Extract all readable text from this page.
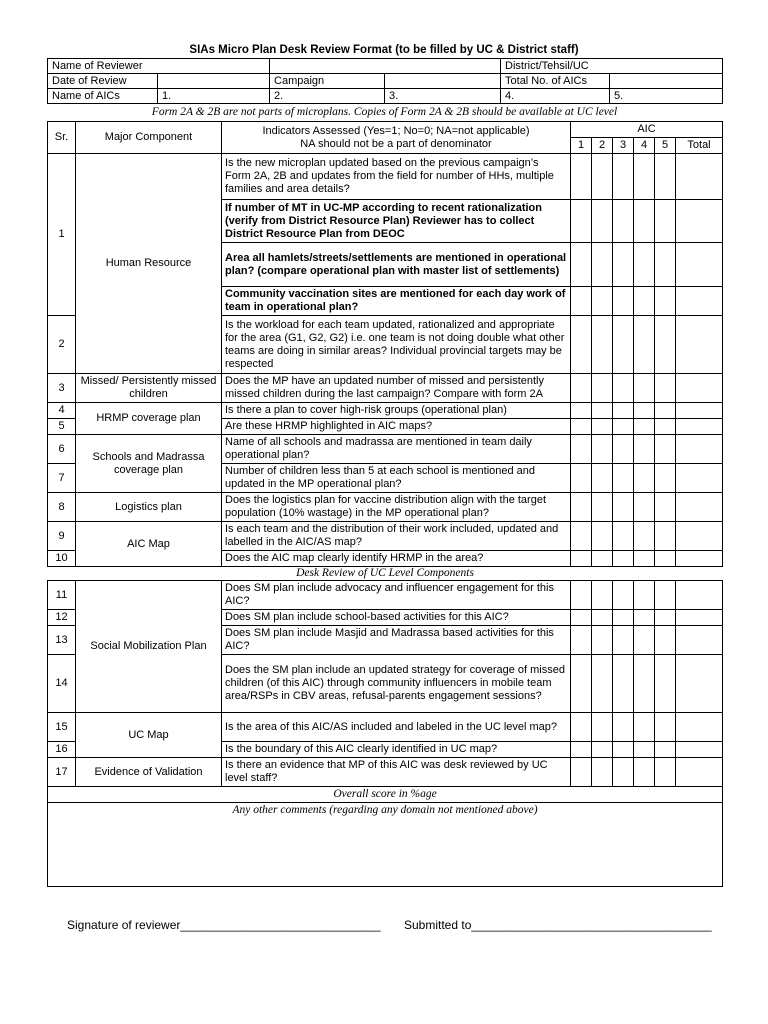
SIAs Micro Plan Desk Review Format (to be filled by UC & District staff)
Name of Reviewer				District/Tehsil/UC	
Date of Review		Campaign		Total No. of AICs	
Name of AICs	1.	2.	3.	4.	5.
Form 2A & 2B are not parts of microplans. Copies of Form 2A & 2B should be available at UC level
Sr.	Major Component	Indicators Assessed (Yes=1; No=0; NA=not applicable)
NA should not be a part of denominator	AIC					
			1	2	3	4	5	Total
1	Human Resource	Is the new microplan updated based on the previous campaign’s Form 2A, 2B and updates from the field for number of HHs, multiple families and area details?						
		If number of MT in UC-MP according to recent rationalization (verify from District Resource Plan) Reviewer has to collect District Resource Plan from DEOC						
		Area all hamlets/streets/settlements are mentioned in operational plan? (compare operational plan with master list of settlements)						
		Community vaccination sites are mentioned for each day work of team in operational plan?						
2		Is the workload for each team updated, rationalized and appropriate for the area (G1, G2, G2) i.e. one team is not doing double what other teams are doing in similar areas? Individual provincial targets may be respected						
3	Missed/ Persistently missed children	Does the MP have an updated number of missed and persistently missed children during the last campaign? Compare with form 2A						
4	HRMP coverage plan	Is there a plan to cover high-risk groups (operational plan)						
5		Are these HRMP highlighted in AIC maps?						
6	Schools and Madrassa coverage plan	Name of all schools and madrassa are mentioned in team daily operational plan?						
7		Number of children less than 5 at each school is mentioned and updated in the MP operational plan?						
8	Logistics plan	Does the logistics plan for vaccine distribution align with the target population (10% wastage) in the MP operational plan?						
9	AIC Map	Is each team and the distribution of their work included, updated and labelled in the AIC/AS map?						
10		Does the AIC map clearly identify HRMP in the area?						
Desk Review of UC Level Components								
11	Social Mobilization Plan	Does SM plan include advocacy and influencer engagement for this AIC?						
12		Does SM plan include school-based activities for this AIC?						
13		Does SM plan include Masjid and Madrassa based activities for this AIC?						
14		Does the SM plan include an updated strategy for coverage of missed children (of this AIC) through community influencers in mobile team area/RSPs in CBV areas, refusal-parents engagement sessions?						
15	UC Map	Is the area of this AIC/AS included and labeled in the UC level map?						
16		Is the boundary of this AIC clearly identified in UC map?						
17	Evidence of Validation	Is there an evidence that MP of this AIC was desk reviewed by UC level staff?						
Overall score in %age								

Any other comments (regarding any domain not mentioned above)								
Signature of reviewer______________________________ Submitted to____________________________________
